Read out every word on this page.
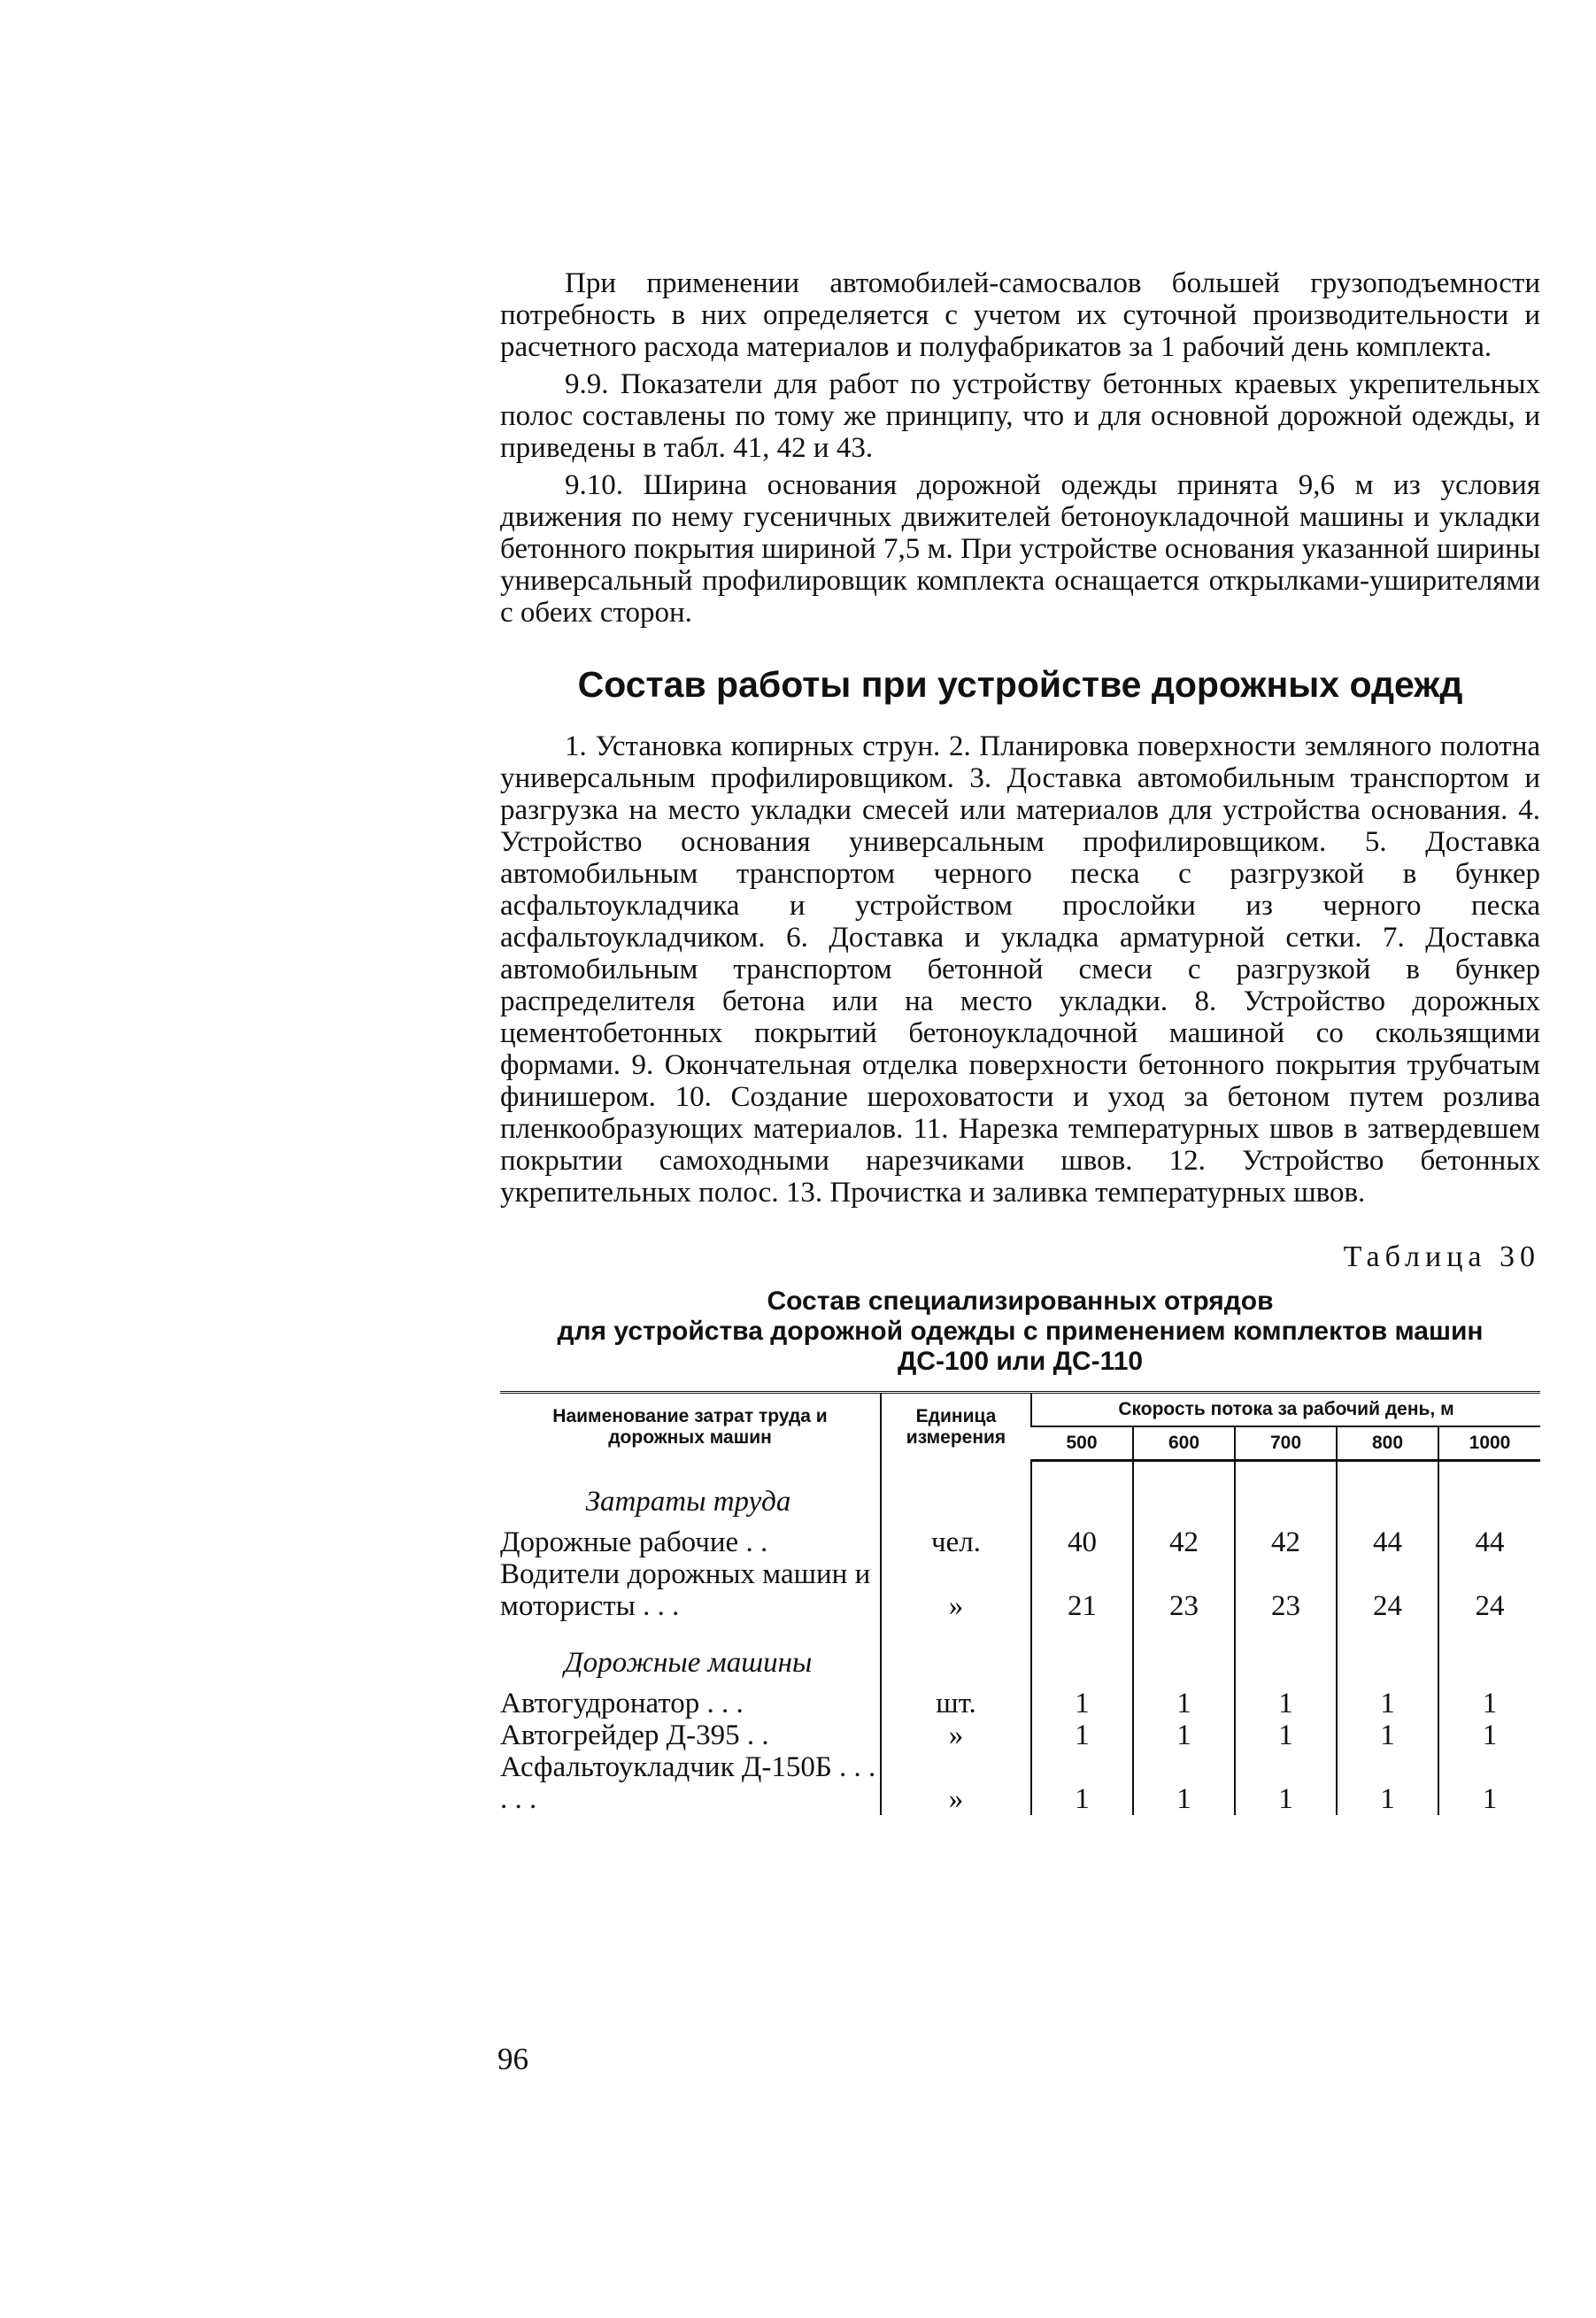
При применении автомобилей-самосвалов большей грузоподъемности потребность в них определяется с учетом их суточной производительности и расчетного расхода материалов и полуфабрикатов за 1 рабочий день комплекта.

9.9. Показатели для работ по устройству бетонных краевых укрепительных полос составлены по тому же принципу, что и для основной дорожной одежды, и приведены в табл. 41, 42 и 43.

9.10. Ширина основания дорожной одежды принята 9,6 м из условия движения по нему гусеничных движителей бетоноукладочной машины и укладки бетонного покрытия шириной 7,5 м. При устройстве основания указанной ширины универсальный профилировщик комплекта оснащается открылками-уширителями с обеих сторон.

Состав работы при устройстве дорожных одежд

1. Установка копирных струн. 2. Планировка поверхности земляного полотна универсальным профилировщиком. 3. Доставка автомобильным транспортом и разгрузка на место укладки смесей или материалов для устройства основания. 4. Устройство основания универсальным профилировщиком. 5. Доставка автомобильным транспортом черного песка с разгрузкой в бункер асфальтоукладчика и устройством прослойки из черного песка асфальтоукладчиком. 6. Доставка и укладка арматурной сетки. 7. Доставка автомобильным транспортом бетонной смеси с разгрузкой в бункер распределителя бетона или на место укладки. 8. Устройство дорожных цементобетонных покрытий бетоноукладочной машиной со скользящими формами. 9. Окончательная отделка поверхности бетонного покрытия трубчатым финишером. 10. Создание шероховатости и уход за бетоном путем розлива пленкообразующих материалов. 11. Нарезка температурных швов в затвердевшем покрытии самоходными нарезчиками швов. 12. Устройство бетонных укрепительных полос. 13. Прочистка и заливка температурных швов.

Таблица 30
Состав специализированных отрядов
для устройства дорожной одежды с применением комплектов машин
ДС-100 или ДС-110
Наименование затрат труда и дорожных машин	Единица измерения	Скорость потока за рабочий день, м				
		500	600	700	800	1000
Затраты труда						
Дорожные рабочие . .	чел.	40	42	42	44	44
Водители дорожных машин и мотористы . . .	»	21	23	23	24	24
Дорожные машины						
Автогудронатор . . .	шт.	1	1	1	1	1
Автогрейдер Д-395 . .	»	1	1	1	1	1
Асфальтоукладчик Д-150Б . . . . . .	»	1	1	1	1	1
96
